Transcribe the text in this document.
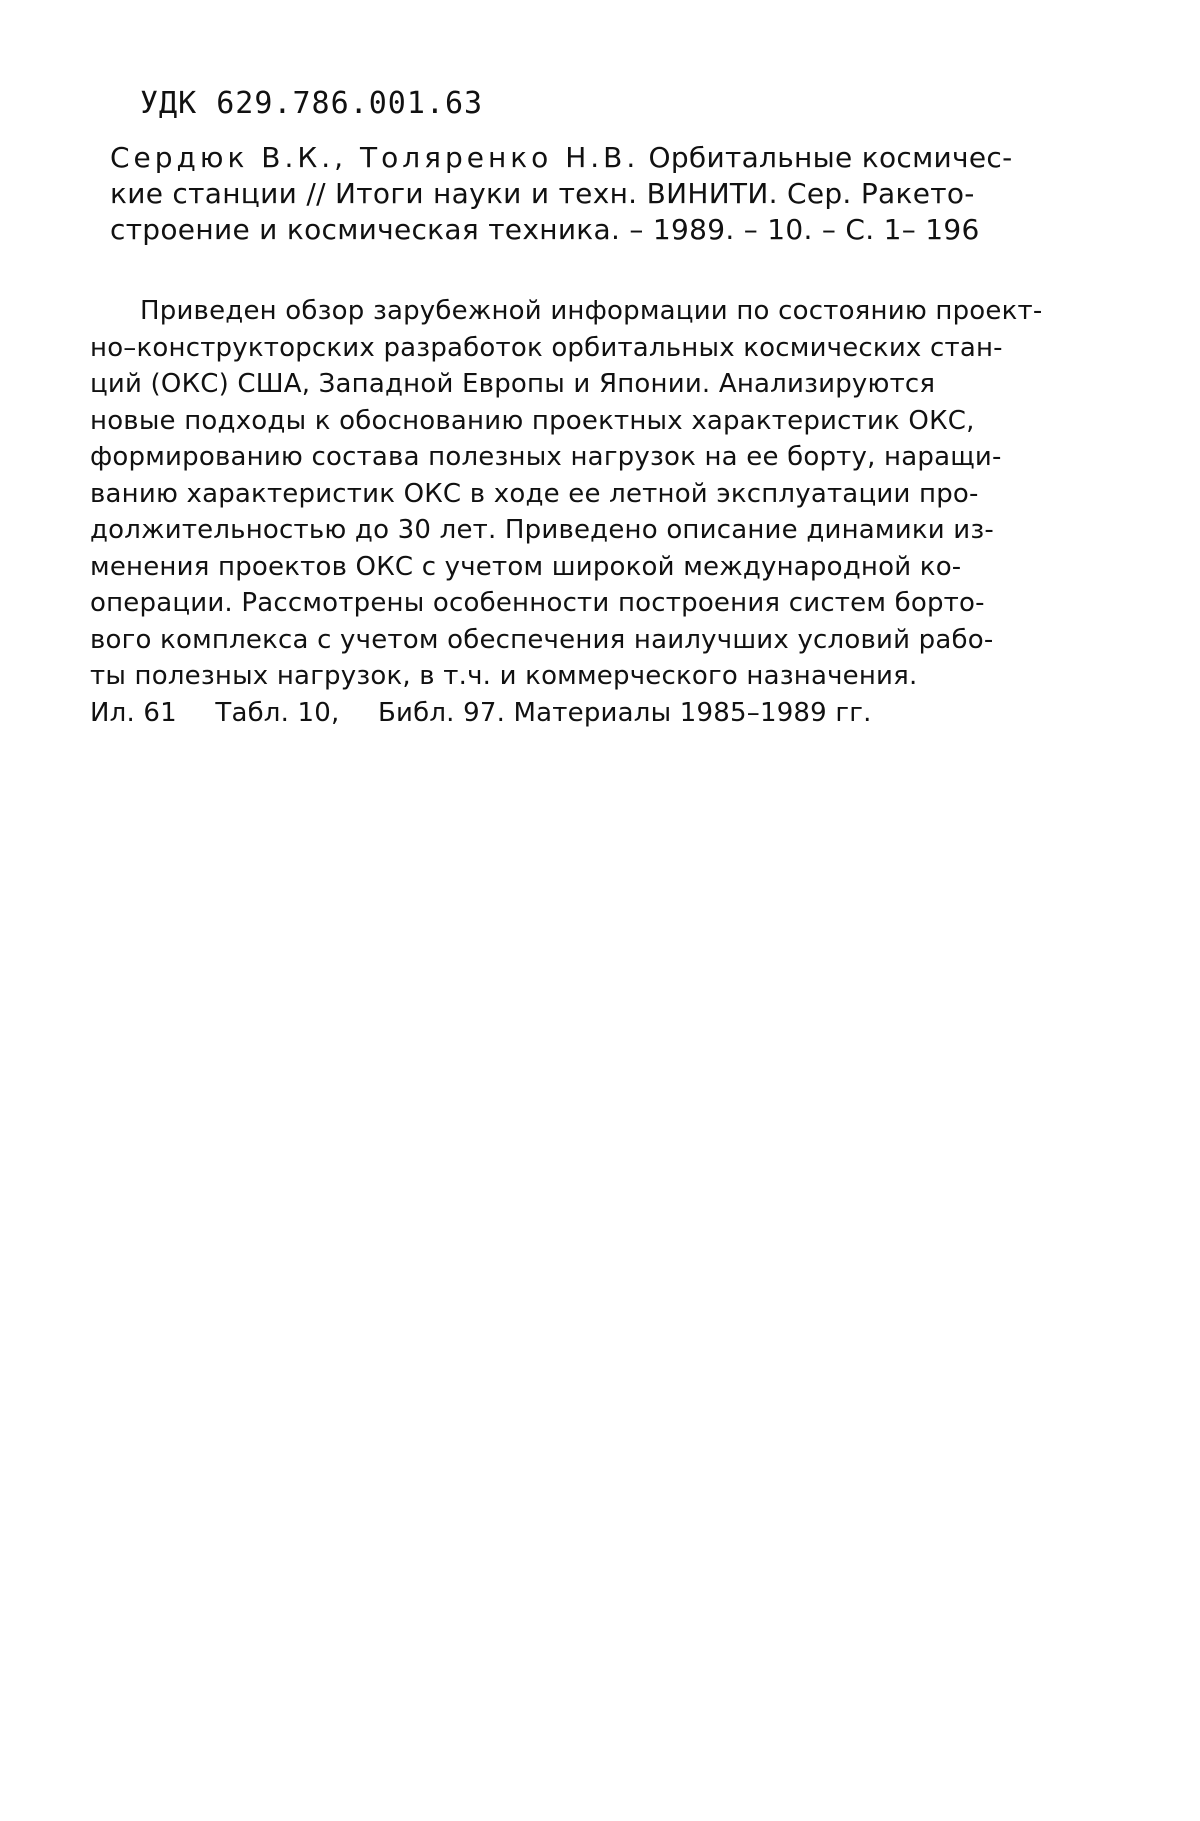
УДК 629.786.001.63
Сердюк В.К., Толяренко Н.В. Орбитальные космичес-
кие станции // Итоги науки и техн. ВИНИТИ. Сер. Ракето-
строение и космическая техника. – 1989. – 10. – С. 1– 196
Приведен обзор зарубежной информации по состоянию проект-
но–конструкторских разработок орбитальных космических стан-
ций (ОКС) США, Западной Европы и Японии. Анализируются
новые подходы к обоснованию проектных характеристик ОКС,
формированию состава полезных нагрузок на ее борту, наращи-
ванию характеристик ОКС в ходе ее летной эксплуатации про-
должительностью до 30 лет. Приведено описание динамики из-
менения проектов ОКС с учетом широкой международной ко-
операции. Рассмотрены особенности построения систем борто-
вого комплекса с учетом обеспечения наилучших условий рабо-
ты полезных нагрузок, в т.ч. и коммерческого назначения.
Ил. 61 Табл. 10, Библ. 97. Материалы 1985–1989 гг.
